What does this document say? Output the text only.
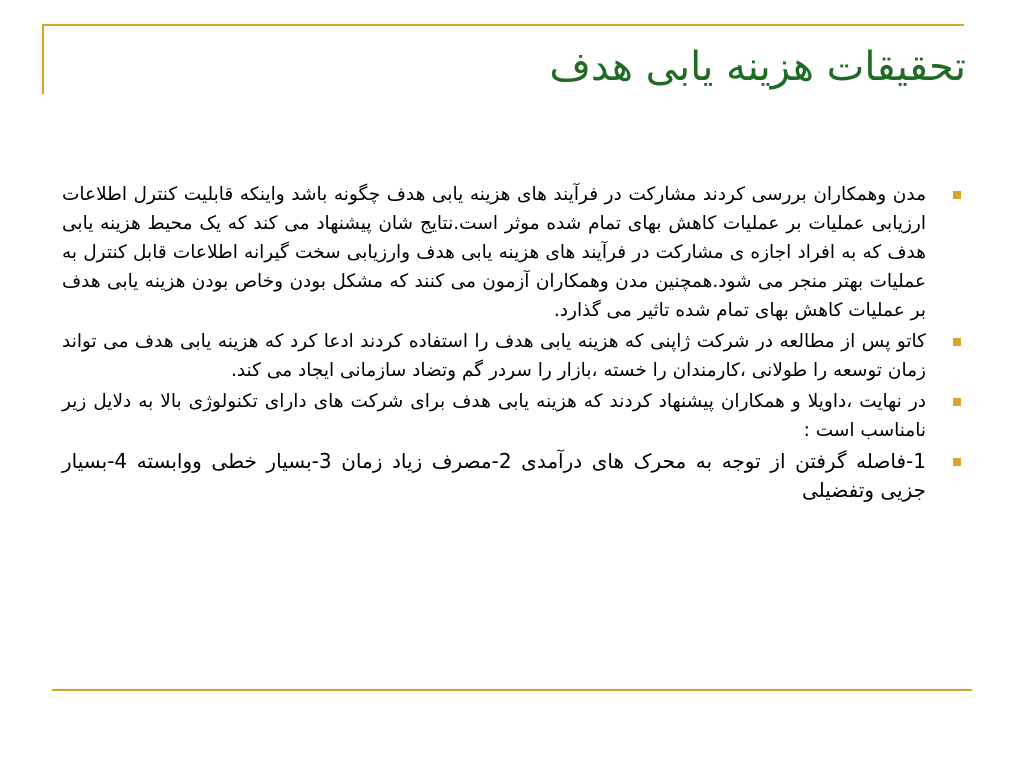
تحقیقات هزینه یابی هدف
مدن وهمکاران بررسی کردند مشارکت در فرآیند های هزینه یابی هدف چگونه باشد واینکه قابلیت کنترل اطلاعات ارزیابی عملیات بر عملیات کاهش بهای تمام شده موثر است.نتایج شان پیشنهاد می کند که یک محیط هزینه یابی هدف که به افراد اجازه ی مشارکت در فرآیند های هزینه یابی هدف وارزیابی سخت گیرانه اطلاعات قابل کنترل به عملیات بهتر منجر می شود.همچنین مدن وهمکاران آزمون می کنند که مشکل بودن وخاص بودن هزینه یابی هدف بر عملیات کاهش بهای تمام شده تاثیر می گذارد.
کاتو پس از مطالعه در شرکت ژاپنی که هزینه یابی هدف را استفاده کردند ادعا کرد که هزینه یابی هدف می تواند زمان توسعه را طولانی ،کارمندان را خسته ،بازار را سردر گم وتضاد سازمانی ایجاد می کند.
در نهایت ،داویلا و همکاران پیشنهاد کردند که هزینه یابی هدف برای شرکت های دارای تکنولوژی بالا به دلایل زیر نامناسب است :
1-فاصله گرفتن از توجه به محرک های درآمدی 2-مصرف زیاد زمان 3-بسیار خطی ووابسته 4-بسیار جزیی وتفضیلی
